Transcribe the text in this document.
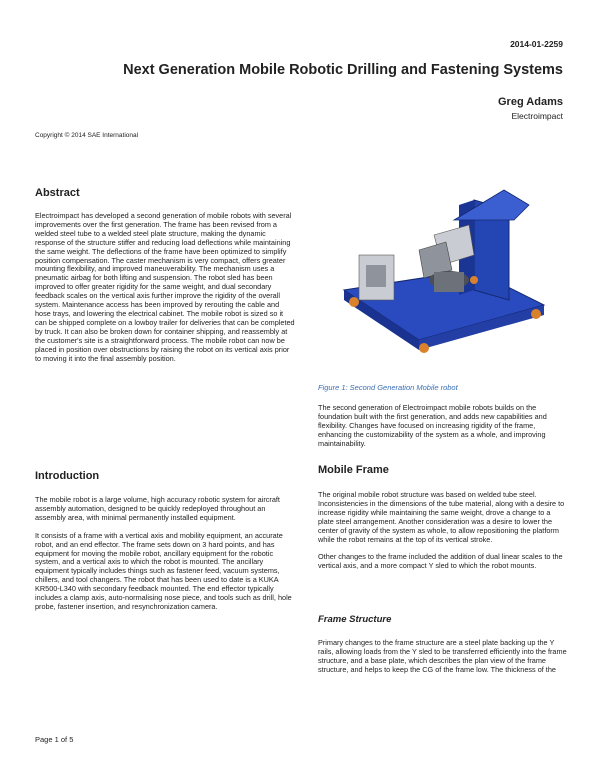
2014-01-2259
Next Generation Mobile Robotic Drilling and Fastening Systems
Greg Adams
Electroimpact
Copyright © 2014 SAE International
Abstract

Electroimpact has developed a second generation of mobile robots with several improvements over the first generation. The frame has been revised from a welded steel tube to a welded steel plate structure, making the dynamic response of the structure stiffer and reducing load deflections while maintaining the same weight. The deflections of the frame have been optimized to simplify position compensation. The caster mechanism is very compact, offers greater mounting flexibility, and improved maneuverability. The mechanism uses a pneumatic airbag for both lifting and suspension. The robot sled has been improved to offer greater rigidity for the same weight, and dual secondary feedback scales on the vertical axis further improve the rigidity of the overall system. Maintenance access has been improved by rerouting the cable and hose trays, and lowering the electrical cabinet. The mobile robot is sized so it can be shipped complete on a lowboy trailer for deliveries that can be completed by truck. It can also be broken down for container shipping, and reassembly at the customer's site is a straightforward process. The mobile robot can now be placed in position over obstructions by raising the robot on its vertical axis prior to moving it into the final assembly position.

Introduction

The mobile robot is a large volume, high accuracy robotic system for aircraft assembly automation, designed to be quickly redeployed throughout an assembly area, with minimal permanently installed equipment.

It consists of a frame with a vertical axis and mobility equipment, an accurate robot, and an end effector. The frame sets down on 3 hard points, and has equipment for moving the mobile robot, ancillary equipment for the robotic system, and a vertical axis to which the robot is mounted. The ancillary equipment typically includes things such as fastener feed, vacuum systems, chillers, and tool changers. The robot that has been used to date is a KUKA KR500-L340 with secondary feedback mounted. The end effector typically includes a clamp axis, auto-normalising nose piece, and tools such as drill, hole probe, fastener insertion, and resynchronization camera.

Figure 1: Second Generation Mobile robot

The second generation of Electroimpact mobile robots builds on the foundation built with the first generation, and adds new capabilities and flexibility. Changes have focused on increasing rigidity of the frame, enhancing the customizability of the system as a whole, and improving maintainability.

Mobile Frame

The original mobile robot structure was based on welded tube steel. Inconsistencies in the dimensions of the tube material, along with a desire to increase rigidity while maintaining the same weight, drove a change to a plate steel arrangement. Another consideration was a desire to lower the center of gravity of the system as whole, to allow repositioning the platform while the robot remains at the top of its vertical stroke.

Other changes to the frame included the addition of dual linear scales to the vertical axis, and a more compact Y sled to which the robot mounts.

Frame Structure

Primary changes to the frame structure are a steel plate backing up the Y rails, allowing loads from the Y sled to be transferred efficiently into the frame structure, and a base plate, which describes the plan view of the frame structure, and helps to keep the CG of the frame low. The thickness of the

Page 1 of 5
